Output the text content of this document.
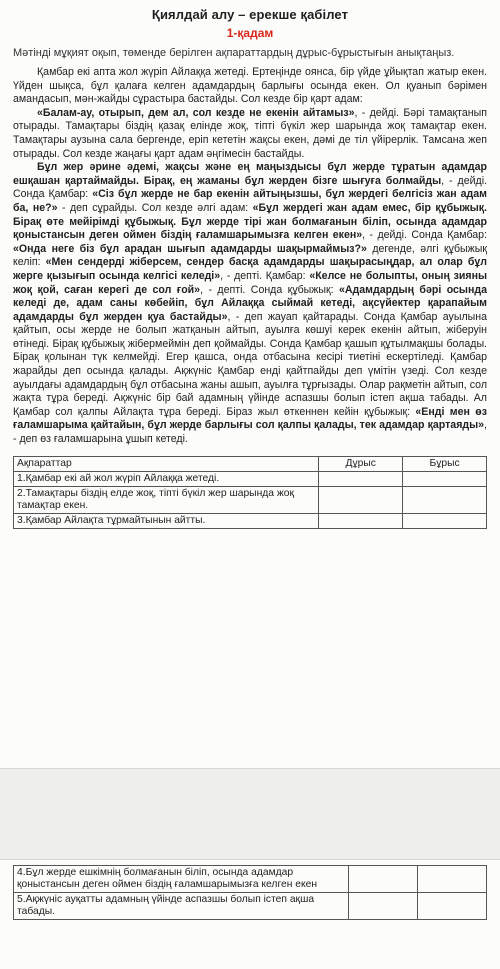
Қиялдай алу – ерекше қабілет
1-қадам
Мәтінді мұқият оқып, төменде берілген ақпараттардың дұрыс-бұрыстығын анықтаңыз.

Қамбар екі апта жол жүріп Айлаққа жетеді. Ертеңінде оянса, бір үйде ұйықтап жатыр екен. Үйден шықса, бұл қалаға келген адамдардың барлығы осында екен. Ол қуанып бәрімен амандасып, мән-жайды сұрастыра бастайды. Сол кезде бір қарт адам:

«Балам-ау, отырып, дем ал, сол кезде не екенін айтамыз», - дейді. Бәрі тамақтанып отырады. Тамақтары біздің қазақ елінде жоқ, тіпті бүкіл жер шарында жоқ тамақтар екен. Тамақтары аузына сала бергенде, еріп кететін жақсы екен, дәмі де тіл үйірерлік. Тамсана жеп отырады. Сол кезде жаңағы қарт адам әңгімесін бастайды.

Бұл жер әрине әдемі, жақсы және ең маңыздысы бұл жерде тұратын адамдар ешқашан қартаймайды. Бірақ, ең жаманы бұл жерден бізге шығуға болмайды, - дейді. Сонда Қамбар: «Сіз бұл жерде не бар екенін айтыңызшы, бұл жердегі белгісіз жан адам ба, не?» - деп сұрайды. Сол кезде әлгі адам: «Бұл жердегі жан адам емес, бір құбыжық. Бірақ өте мейірімді құбыжық. Бұл жерде тірі жан болмағанын біліп, осында адамдар қоныстансын деген оймен біздің ғаламшарымызға келген екен», - дейді. Сонда Қамбар: «Онда неге біз бұл арадан шығып адамдарды шақырмаймыз?» дегенде, әлгі құбыжық келіп: «Мен сендерді жіберсем, сендер басқа адамдарды шақырасыңдар, ал олар бұл жерге қызығып осында келгісі келеді», - депті. Қамбар: «Келсе не болыпты, оның зияны жоқ қой, саған керегі де сол ғой», - депті. Сонда құбыжық: «Адамдардың бәрі осында келеді де, адам саны көбейіп, бұл Айлаққа сыймай кетеді, ақсүйектер қарапайым адамдарды бұл жерден қуа бастайды», - деп жауап қайтарады. Сонда Қамбар ауылына қайтып, осы жерде не болып жатқанын айтып, ауылға көшуі керек екенін айтып, жіберуін өтінеді. Бірақ құбыжық жібермеймін деп қоймайды. Сонда Қамбар қашып құтылмақшы болады. Бірақ қолынан түк келмейді. Егер қашса, онда отбасына кесірі тиетіні ескертіледі. Қамбар жарайды деп осында қалады. Ақжүніс Қамбар енді қайтпайды деп үмітін үзеді. Сол кезде ауылдағы адамдардың бұл отбасына жаны ашып, ауылға тұрғызады. Олар рақметін айтып, сол жақта тұра береді. Ақжүніс бір бай адамның үйінде аспазшы болып істеп ақша табады. Ал Қамбар сол қалпы Айлақта тұра береді. Біраз жыл өткеннен кейін құбыжық: «Енді мен өз ғаламшарыма қайтайын, бұл жерде барлығы сол қалпы қалады, тек адамдар қартаяды», - деп өз ғаламшарына ұшып кетеді.

Ақпараттар	Дұрыс	Бұрыс
1.Қамбар екі ай жол жүріп Айлаққа жетеді.		
2.Тамақтары біздің елде жоқ, тіпті бүкіл жер шарында жоқ тамақтар екен.		
3.Қамбар Айлақта тұрмайтынын айтты.		
4.Бұл жерде ешкімнің болмағанын біліп, осында адамдар қоныстансын деген оймен біздің ғаламшарымызға келген екен		
5.Ақжүніс ауқатты адамның үйінде аспазшы болып істеп ақша табады.		
